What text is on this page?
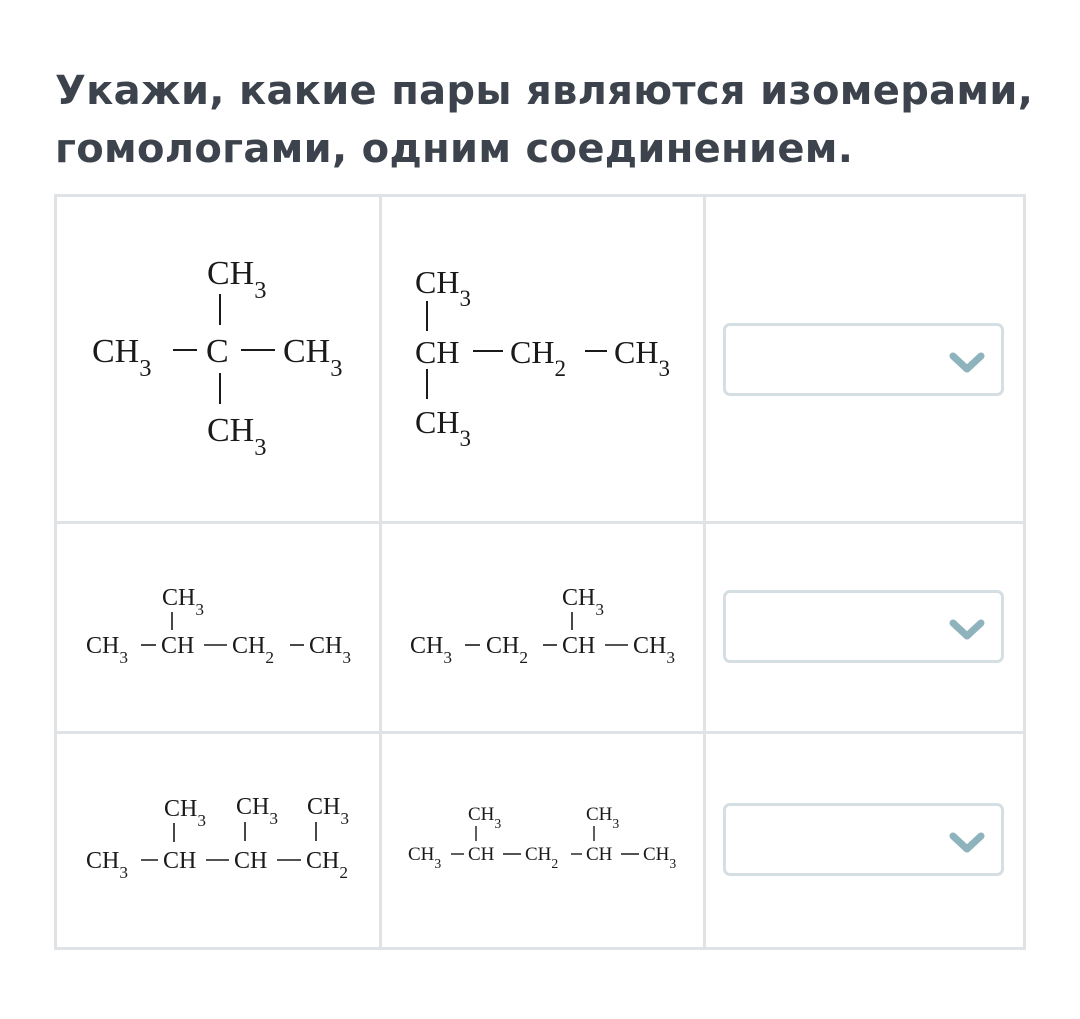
Укажи, какие пары являются изомерами,
гомологами, одним соединением.
$CH_3$
$CH_3$ C $CH_3$
$CH_3$
$CH_3$
CH $CH_2$ $CH_3$
$CH_3$
$CH_3$
$CH_3$ CH $CH_2$ $CH_3$
$CH_3$
$CH_3$ $CH_2$ CH $CH_3$
$CH_3$ $CH_3$ $CH_3$
$CH_3$ CH CH $CH_2$
$CH_3$	$CH_3$
$CH_3$ CH $CH_2$ CH $CH_3$
